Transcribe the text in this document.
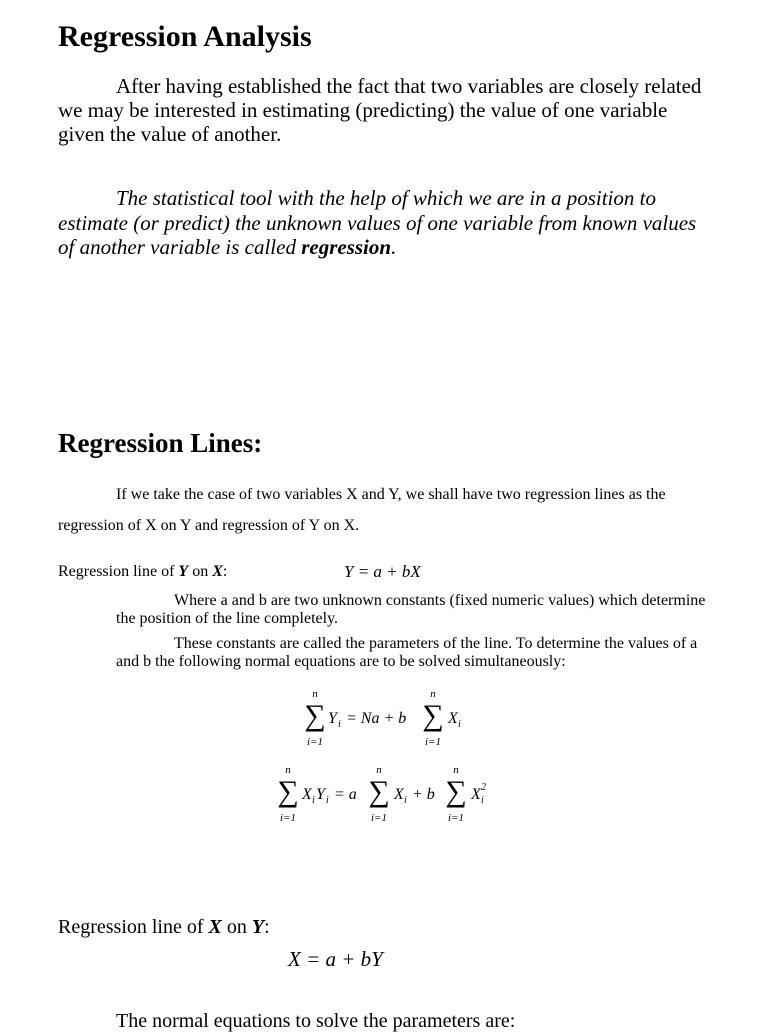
Regression Analysis

After having established the fact that two variables are closely related we may be interested in estimating (predicting) the value of one variable given the value of another.

The statistical tool with the help of which we are in a position to estimate (or predict) the unknown values of one variable from known values of another variable is called regression.

Regression Lines:

If we take the case of two variables X and Y, we shall have two regression lines as the regression of X on Y and regression of Y on X.

Regression line of Y on X:	Y = a + bX

Where a and b are two unknown constants (fixed numeric values) which determine the position of the line completely.

These constants are called the parameters of the line. To determine the values of a and b the following normal equations are to be solved simultaneously:

n
∑
i=1
Y i = Na + b
n
∑
i=1
X i
n
∑
i=1
X i Y i = a
n
∑
i=1
X i + b
n
∑
i=1
X i
2
Regression line of X on Y:
X = a + bY
The normal equations to solve the parameters are:
